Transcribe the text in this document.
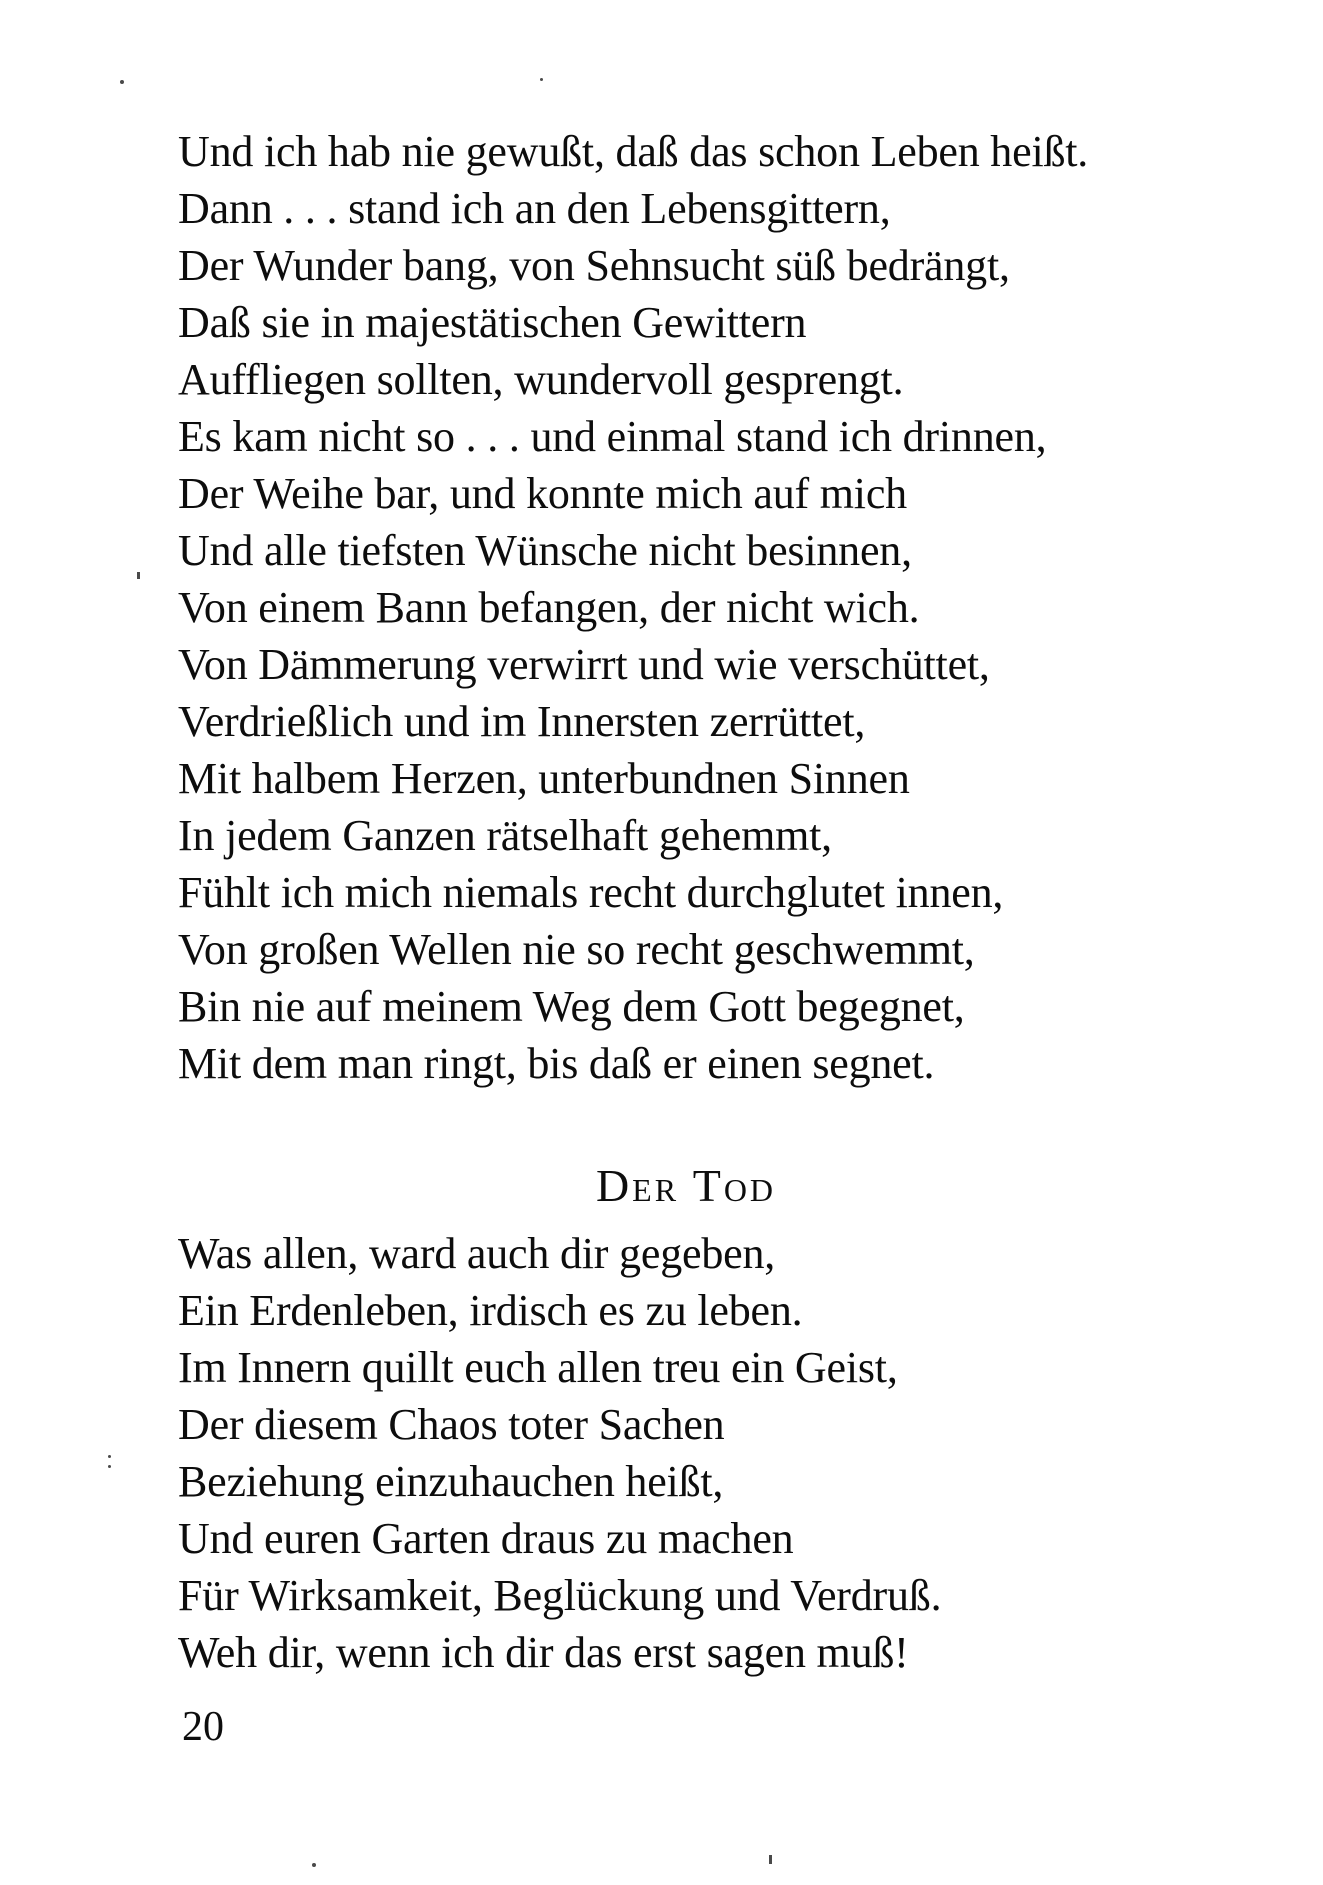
Und ich hab nie gewußt, daß das schon Leben heißt.
Dann . . . stand ich an den Lebensgittern,
Der Wunder bang, von Sehnsucht süß bedrängt,
Daß sie in majestätischen Gewittern
Auffliegen sollten, wundervoll gesprengt.
Es kam nicht so . . . und einmal stand ich drinnen,
Der Weihe bar, und konnte mich auf mich
Und alle tiefsten Wünsche nicht besinnen,
Von einem Bann befangen, der nicht wich.
Von Dämmerung verwirrt und wie verschüttet,
Verdrießlich und im Innersten zerrüttet,
Mit halbem Herzen, unterbundnen Sinnen
In jedem Ganzen rätselhaft gehemmt,
Fühlt ich mich niemals recht durchglutet innen,
Von großen Wellen nie so recht geschwemmt,
Bin nie auf meinem Weg dem Gott begegnet,
Mit dem man ringt, bis daß er einen segnet.
Der Tod
Was allen, ward auch dir gegeben,
Ein Erdenleben, irdisch es zu leben.
Im Innern quillt euch allen treu ein Geist,
Der diesem Chaos toter Sachen
Beziehung einzuhauchen heißt,
Und euren Garten draus zu machen
Für Wirksamkeit, Beglückung und Verdruß.
Weh dir, wenn ich dir das erst sagen muß!
20
